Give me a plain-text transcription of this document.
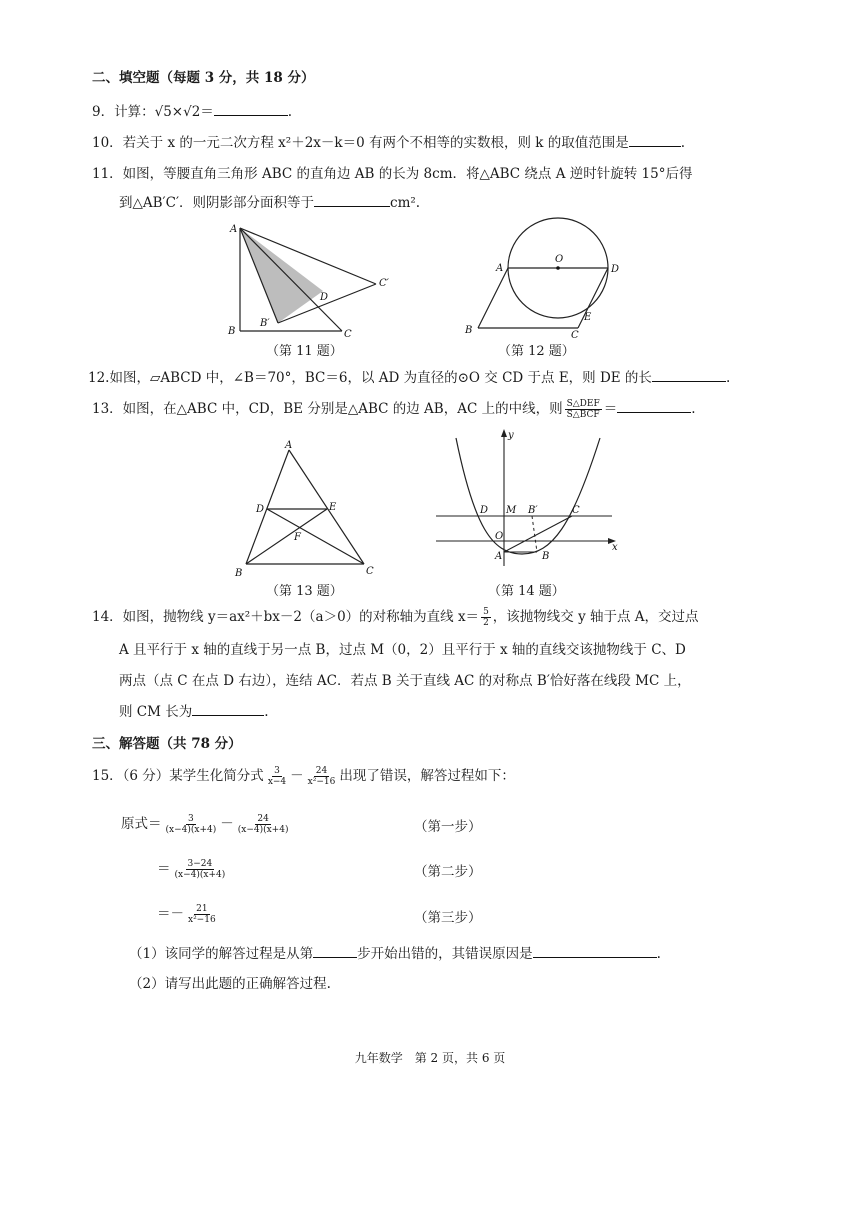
二、填空题（每题 3 分，共 18 分）
9．计算：√5×√2＝	.
10．若关于 x 的一元二次方程 x²＋2x－k＝0 有两个不相等的实数根，则 k 的取值范围是	.
11．如图，等腰直角三角形 ABC 的直角边 AB 的长为 8cm．将△ABC 绕点 A 逆时针旋转 15°后得
到△AB′C′．则阴影部分面积等于	cm².
A
B	C
B′
C′
D
（第 11 题）
O
A	D
B	C
E
（第 12 题）
12.如图，▱ABCD 中，∠B＝70°，BC＝6，以 AD 为直径的⊙O 交 CD 于点 E，则 DE 的长	.
13．如图，在△ABC 中，CD，BE 分别是△ABC 的边 AB，AC 上的中线，则 $\frac{\text{S△DEF}}{\text{S△BCF}}$ ＝	.
A
D	E
F
B	C
（第 13 题）
y
x
O
A	B
B′	C
D M
（第 14 题）
14．如图，抛物线 y＝ax²＋bx－2（a＞0）的对称轴为直线 $x= \frac{5}{2}$ ，该抛物线交 y 轴于点 A，交过点
A 且平行于 x 轴的直线于另一点 B，过点 M（0，2）且平行于 x 轴的直线交该抛物线于 C、D
两点（点 C 在点 D 右边），连结 AC．若点 B 关于直线 AC 的对称点 B′恰好落在线段 MC 上，
则 CM 长为	.
三、解答题（共 78 分）
15．（6 分）某学生化简分式 $\frac{3}{x-4} - \frac{24}{\text{x²−16}}$ 出现了错误，解答过程如下：
原式＝ $\frac{3}{(x-4)(x+4)} - \frac{24}{(x-4)(x+4)}$	（第一步）
＝ $\frac{3-24}{(x-4)(x+4)}$	（第二步）
＝－ $\frac{21}{\text{x²−16}}$	（第三步）
（1）该同学的解答过程是从第	步开始出错的，其错误原因是	.
（2）请写出此题的正确解答过程.
九年数学　第 2 页，共 6 页
